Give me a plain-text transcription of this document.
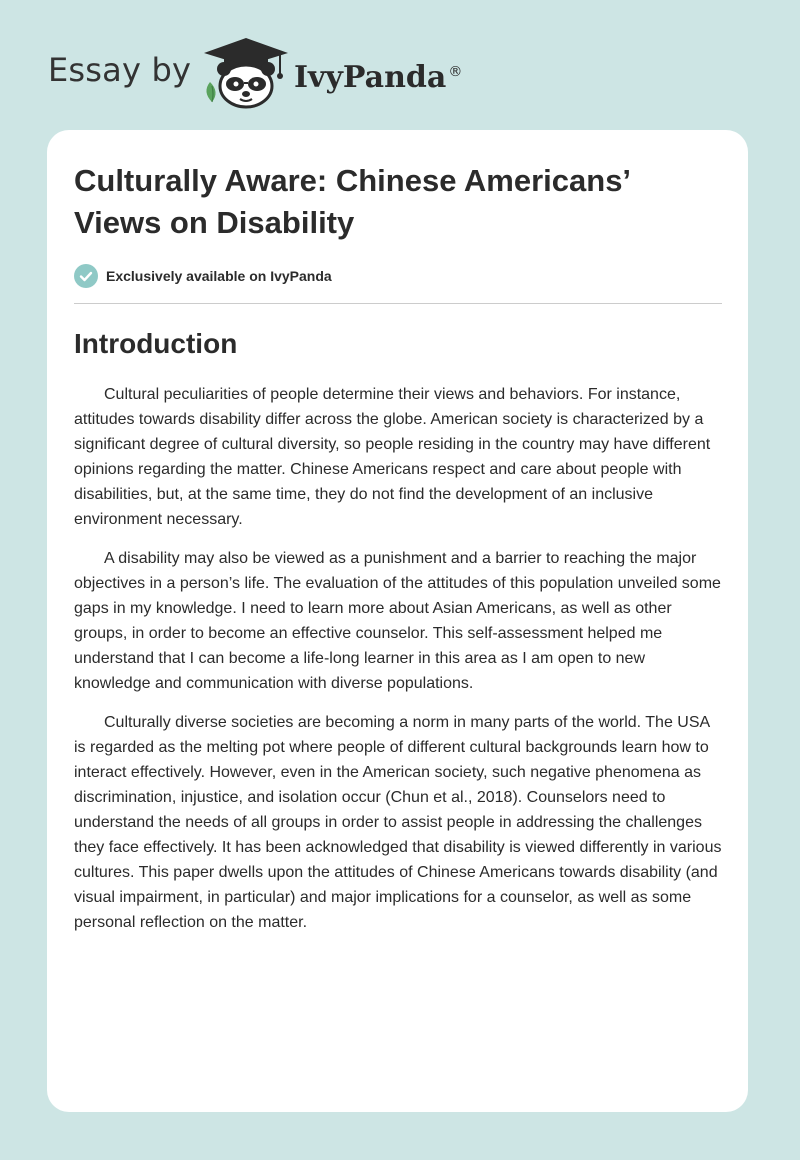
Essay by	IvyPanda ®
Culturally Aware: Chinese Americans’ Views on Disability
Exclusively available on IvyPanda
Introduction

Cultural peculiarities of people determine their views and behaviors. For instance, attitudes towards disability differ across the globe. American society is characterized by a significant degree of cultural diversity, so people residing in the country may have different opinions regarding the matter. Chinese Americans respect and care about people with disabilities, but, at the same time, they do not find the development of an inclusive environment necessary.

A disability may also be viewed as a punishment and a barrier to reaching the major objectives in a person’s life. The evaluation of the attitudes of this population unveiled some gaps in my knowledge. I need to learn more about Asian Americans, as well as other groups, in order to become an effective counselor. This self-assessment helped me understand that I can become a life-long learner in this area as I am open to new knowledge and communication with diverse populations.

Culturally diverse societies are becoming a norm in many parts of the world. The USA is regarded as the melting pot where people of different cultural backgrounds learn how to interact effectively. However, even in the American society, such negative phenomena as discrimination, injustice, and isolation occur (Chun et al., 2018). Counselors need to understand the needs of all groups in order to assist people in addressing the challenges they face effectively. It has been acknowledged that disability is viewed differently in various cultures. This paper dwells upon the attitudes of Chinese Americans towards disability (and visual impairment, in particular) and major implications for a counselor, as well as some personal reflection on the matter.
